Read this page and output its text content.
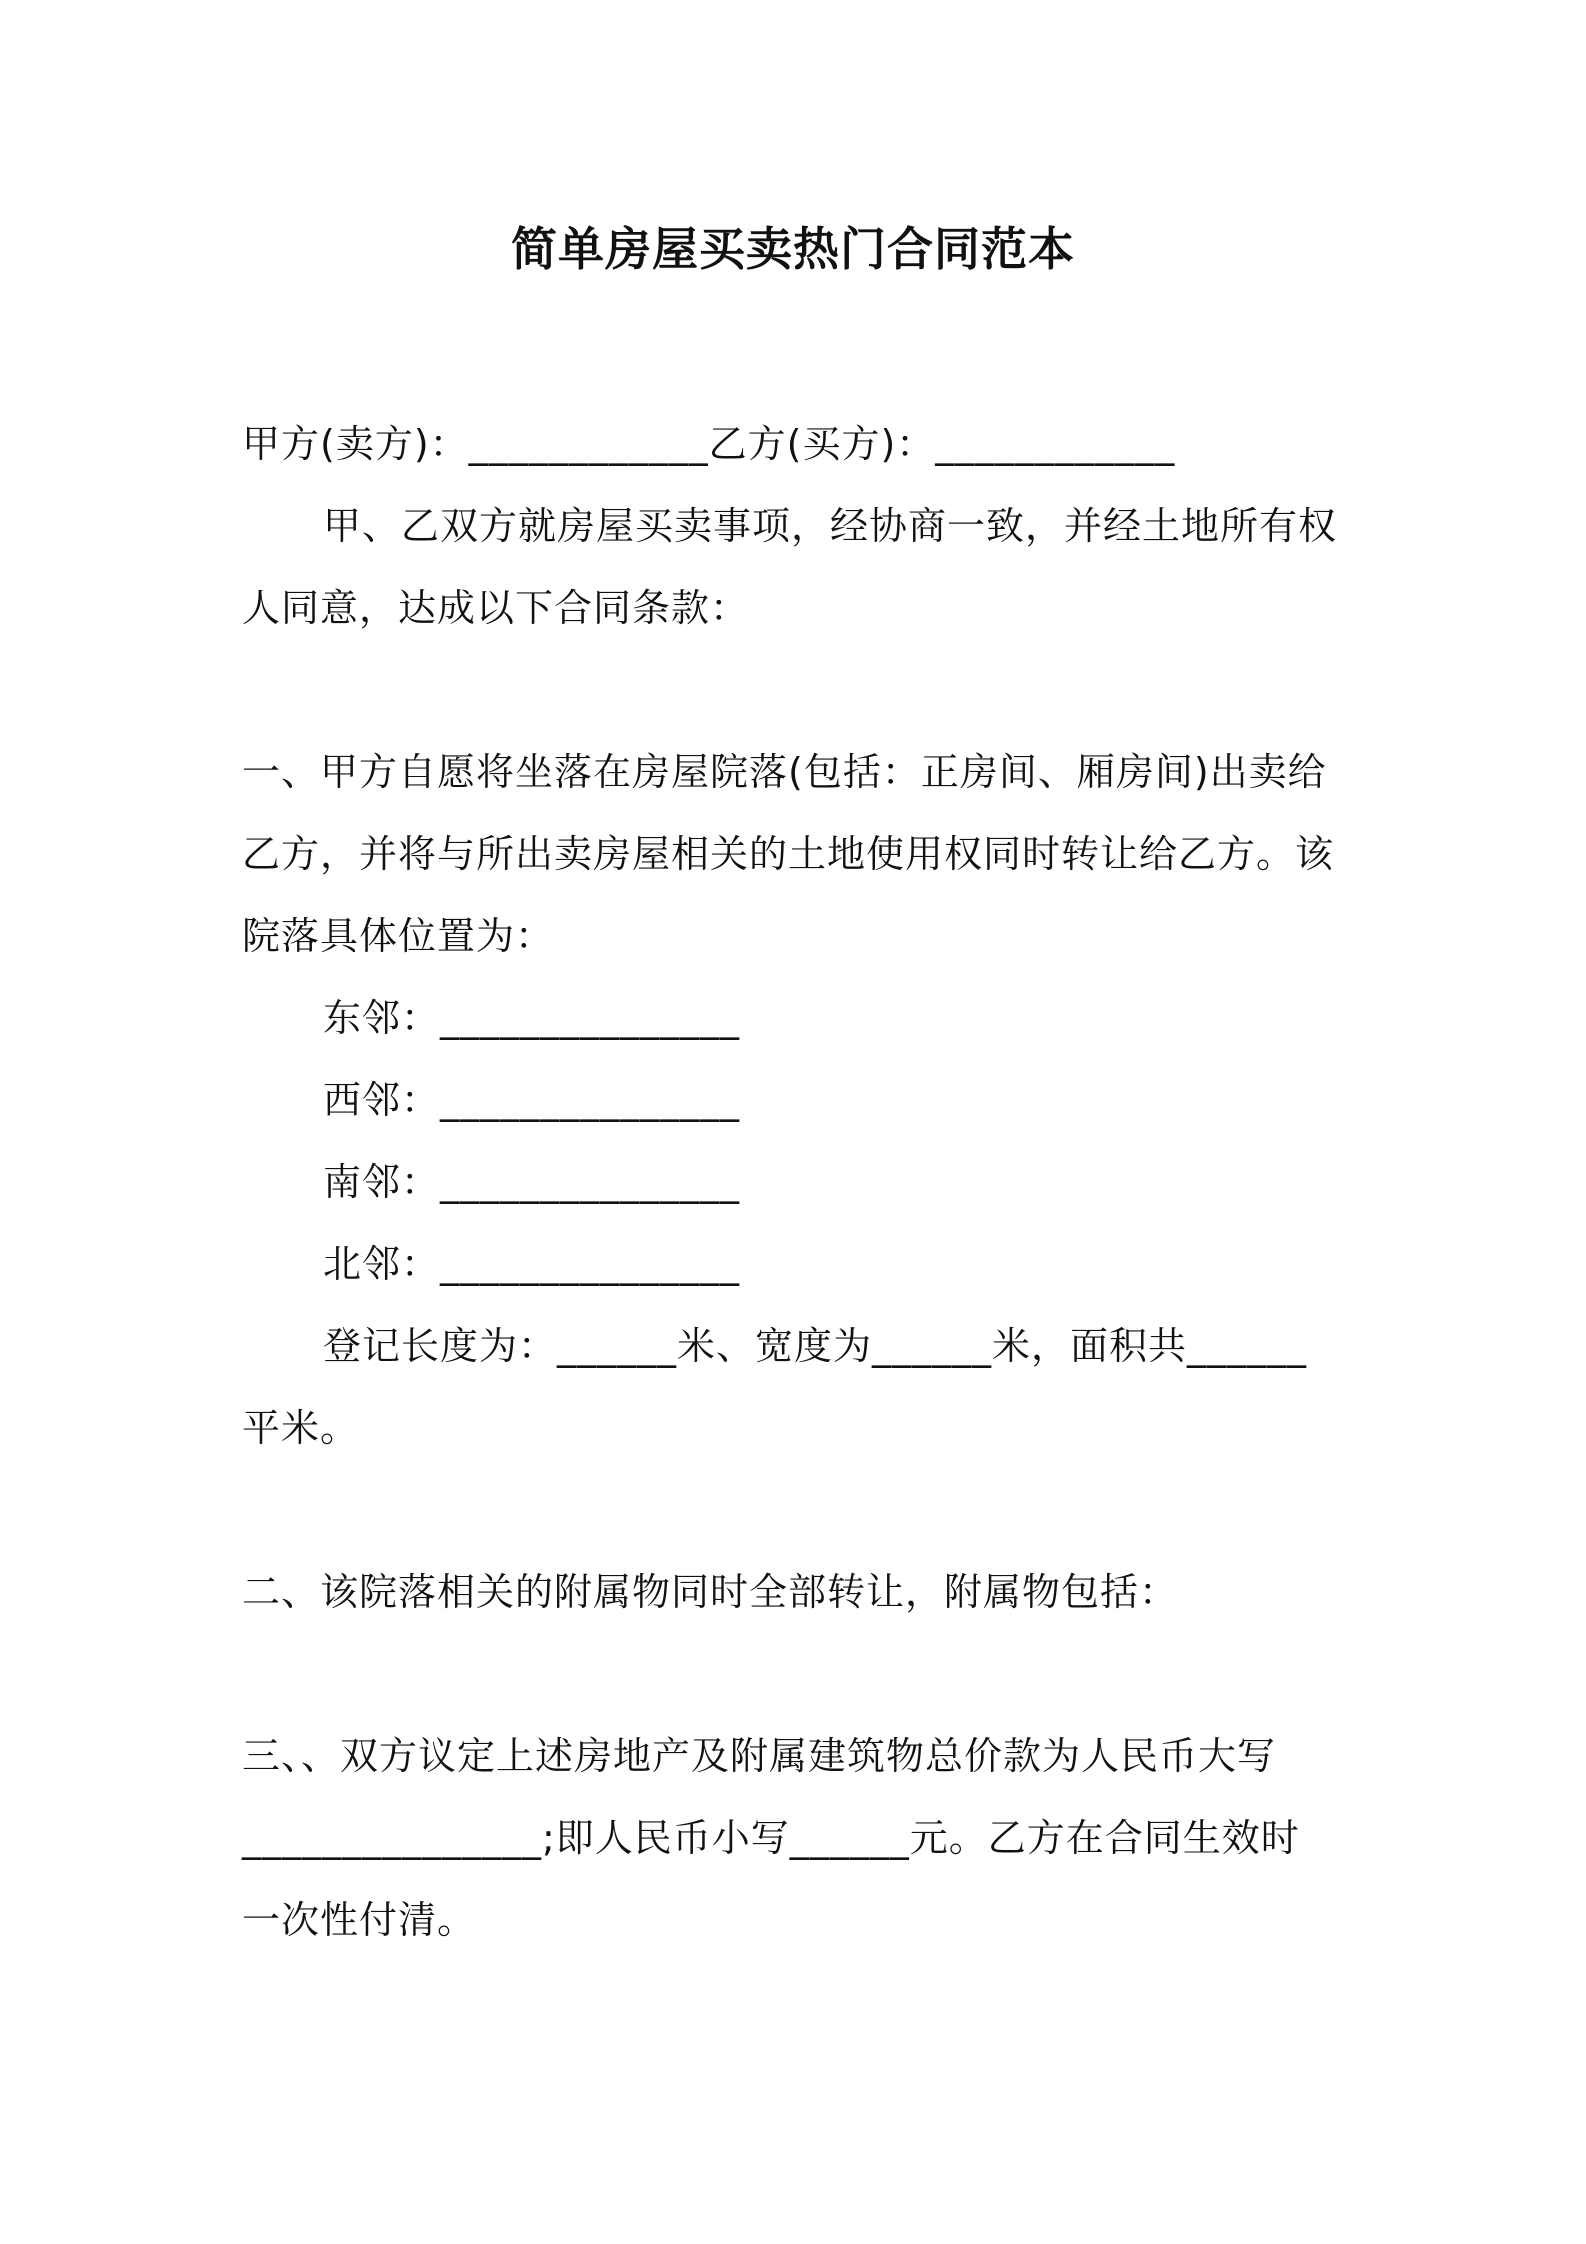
简单房屋买卖热门合同范本
甲方(卖方)：____________乙方(买方)：____________
甲、乙双方就房屋买卖事项，经协商一致，并经土地所有权
人同意，达成以下合同条款：
一、甲方自愿将坐落在房屋院落(包括：正房间、厢房间)出卖给
乙方，并将与所出卖房屋相关的土地使用权同时转让给乙方。该
院落具体位置为：
东邻：_______________
西邻：_______________
南邻：_______________
北邻：_______________
登记长度为：______米、宽度为______米，面积共______
平米。
二、该院落相关的附属物同时全部转让，附属物包括：
三、、双方议定上述房地产及附属建筑物总价款为人民币大写
_______________;即人民币小写______元。乙方在合同生效时
一次性付清。
